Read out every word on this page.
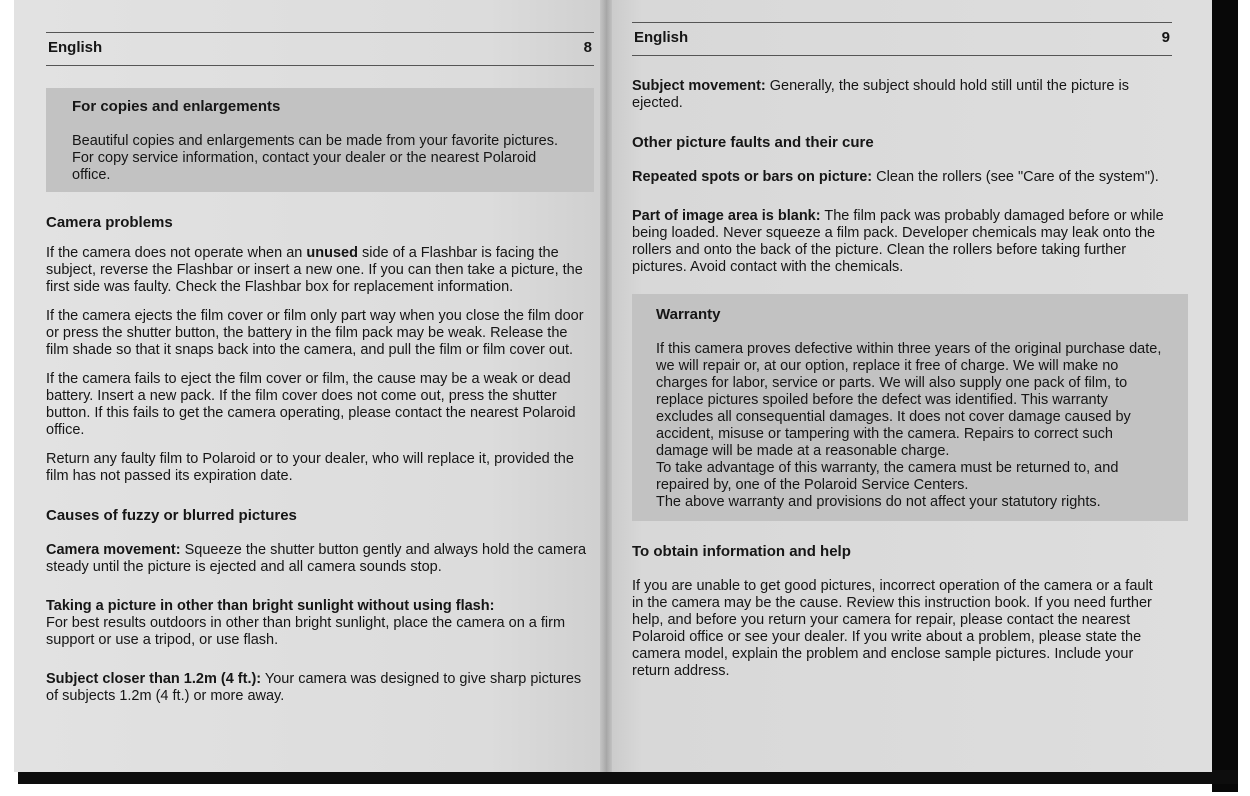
English	8
For copies and enlargements

Beautiful copies and enlargements can be made from your favorite pictures. For copy service information, contact your dealer or the nearest Polaroid office.

Camera problems

If the camera does not operate when an unused side of a Flashbar is facing the subject, reverse the Flashbar or insert a new one. If you can then take a picture, the first side was faulty. Check the Flashbar box for replacement information.

If the camera ejects the film cover or film only part way when you close the film door or press the shutter button, the battery in the film pack may be weak. Release the film shade so that it snaps back into the camera, and pull the film or film cover out.

If the camera fails to eject the film cover or film, the cause may be a weak or dead battery. Insert a new pack. If the film cover does not come out, press the shutter button. If this fails to get the camera operating, please contact the nearest Polaroid office.

Return any faulty film to Polaroid or to your dealer, who will replace it, provided the film has not passed its expiration date.

Causes of fuzzy or blurred pictures

Camera movement: Squeeze the shutter button gently and always hold the camera steady until the picture is ejected and all camera sounds stop.

Taking a picture in other than bright sunlight without using flash:
For best results outdoors in other than bright sunlight, place the camera on a firm support or use a tripod, or use flash.

Subject closer than 1.2m (4 ft.): Your camera was designed to give sharp pictures of subjects 1.2m (4 ft.) or more away.

English	9

Subject movement: Generally, the subject should hold still until the picture is ejected.

Other picture faults and their cure

Repeated spots or bars on picture: Clean the rollers (see "Care of the system").

Part of image area is blank: The film pack was probably damaged before or while being loaded. Never squeeze a film pack. Developer chemicals may leak onto the rollers and onto the back of the picture. Clean the rollers before taking further pictures. Avoid contact with the chemicals.

Warranty

If this camera proves defective within three years of the original purchase date, we will repair or, at our option, replace it free of charge. We will make no charges for labor, service or parts. We will also supply one pack of film, to replace pictures spoiled before the defect was identified. This warranty excludes all consequential damages. It does not cover damage caused by accident, misuse or tampering with the camera. Repairs to correct such damage will be made at a reasonable charge.

To take advantage of this warranty, the camera must be returned to, and repaired by, one of the Polaroid Service Centers.

The above warranty and provisions do not affect your statutory rights.

To obtain information and help

If you are unable to get good pictures, incorrect operation of the camera or a fault in the camera may be the cause. Review this instruction book. If you need further help, and before you return your camera for repair, please contact the nearest Polaroid office or see your dealer. If you write about a problem, please state the camera model, explain the problem and enclose sample pictures. Include your return address.
